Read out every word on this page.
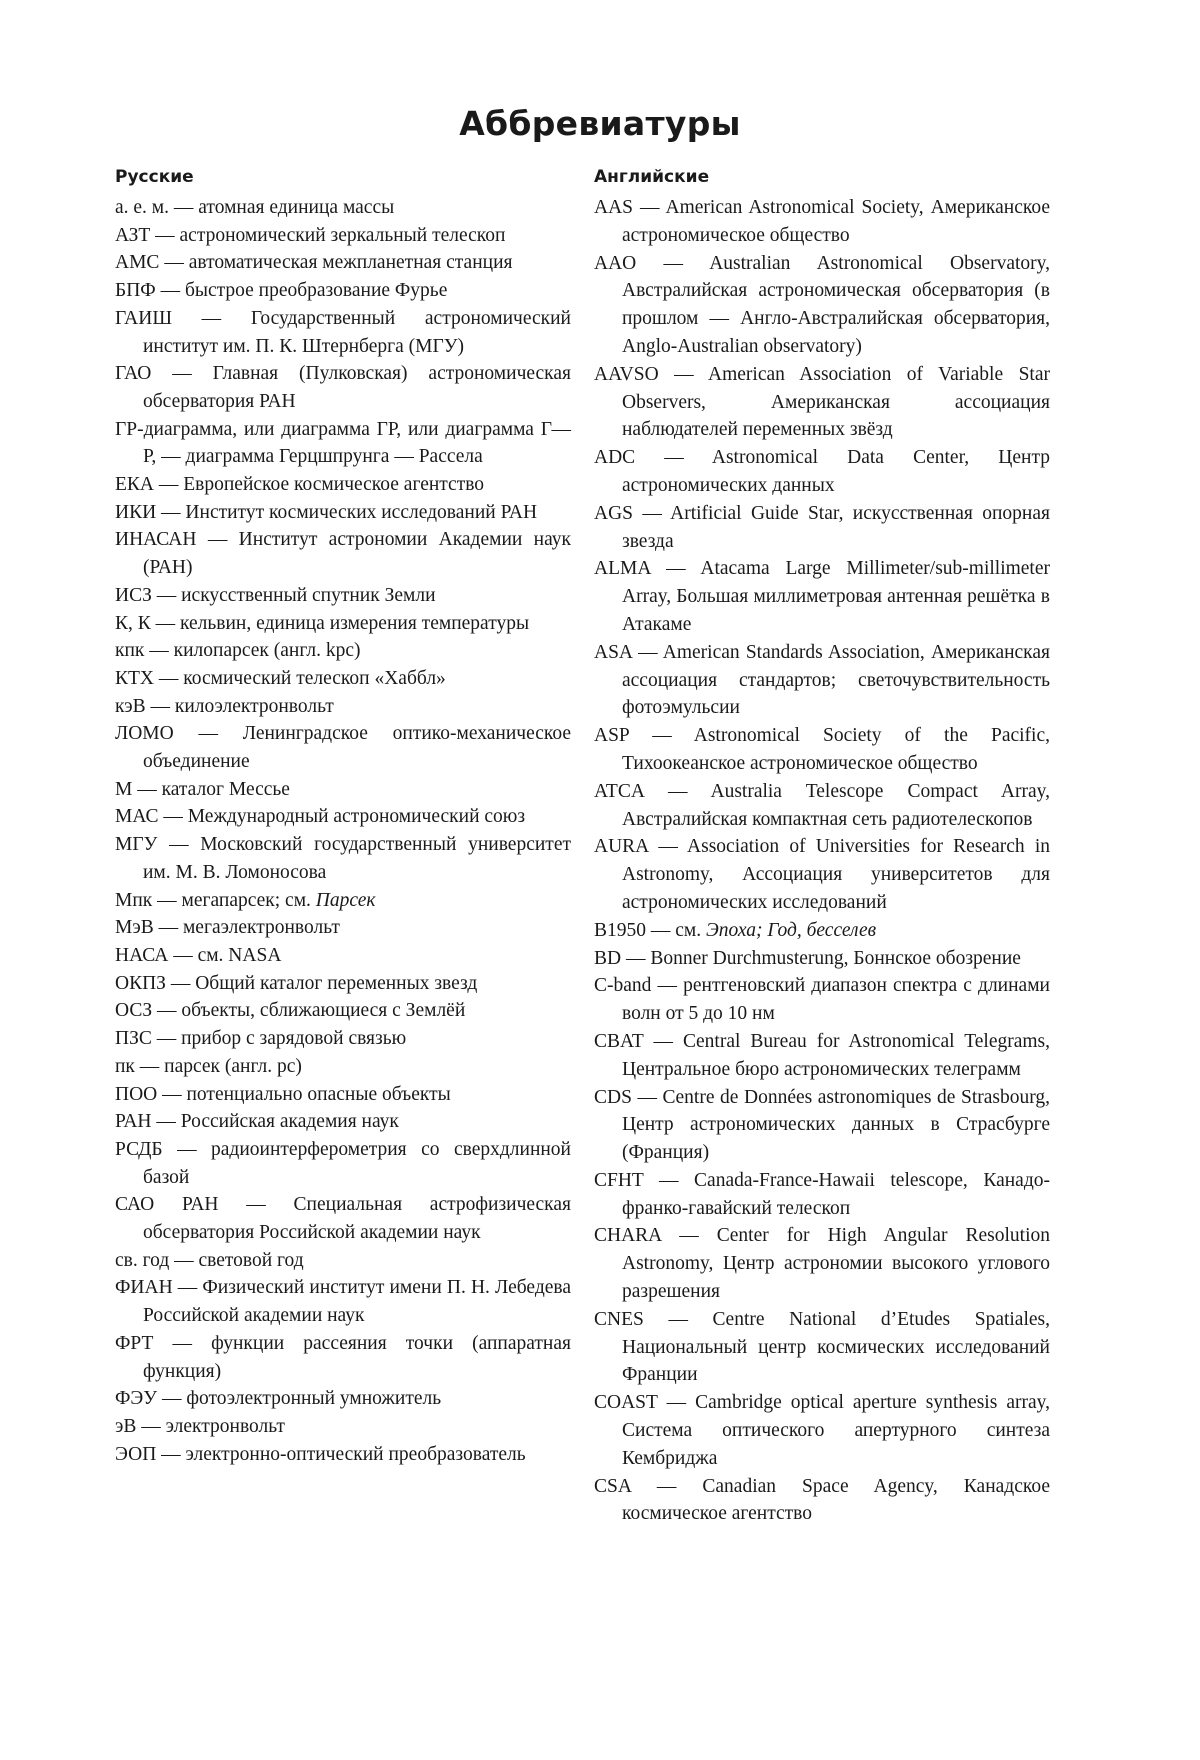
Аббревиатуры
Русские
а. е. м. — атомная единица массы
АЗТ — астрономический зеркальный телескоп
АМС — автоматическая межпланетная станция
БПФ — быстрое преобразование Фурье
ГАИШ — Государственный астрономический институт им. П. К. Штернберга (МГУ)
ГАО — Главная (Пулковская) астрономическая обсерватория РАН
ГР-диаграмма, или диаграмма ГР, или диаграмма Г—Р, — диаграмма Герцшпрунга — Рассела
ЕКА — Европейское космическое агентство
ИКИ — Институт космических исследований РАН
ИНАСАН — Институт астрономии Академии наук (РАН)
ИСЗ — искусственный спутник Земли
К, К — кельвин, единица измерения температуры
кпк — килопарсек (англ. kpc)
КТХ — космический телескоп «Хаббл»
кэВ — килоэлектронвольт
ЛОМО — Ленинградское оптико-механическое объединение
М — каталог Мессье
МАС — Международный астрономический союз
МГУ — Московский государственный университет им. М. В. Ломоносова
Мпк — мегапарсек; см. Парсек
МэВ — мегаэлектронвольт
НАСА — см. NASA
ОКПЗ — Общий каталог переменных звезд
ОСЗ — объекты, сближающиеся с Землёй
ПЗС — прибор с зарядовой связью
пк — парсек (англ. pc)
ПОО — потенциально опасные объекты
РАН — Российская академия наук
РСДБ — радиоинтерферометрия со сверхдлинной базой
САО РАН — Специальная астрофизическая обсерватория Российской академии наук
св. год — световой год
ФИАН — Физический институт имени П. Н. Лебедева Российской академии наук
ФРТ — функции рассеяния точки (аппаратная функция)
ФЭУ — фотоэлектронный умножитель
эВ — электронвольт
ЭОП — электронно-оптический преобразователь
Английские
AAS — American Astronomical Society, Американское астрономическое общество
AAO — Australian Astronomical Observatory, Австралийская астрономическая обсерватория (в прошлом — Англо-Австралийская обсерватория, Anglo-Australian observatory)
AAVSO — American Association of Variable Star Observers, Американская ассоциация наблюдателей переменных звёзд
ADC — Astronomical Data Center, Центр астрономических данных
AGS — Artificial Guide Star, искусственная опорная звезда
ALMA — Atacama Large Millimeter/sub-millimeter Array, Большая миллиметровая антенная решётка в Атакаме
ASA — American Standards Association, Американская ассоциация стандартов; светочувствительность фотоэмульсии
ASP — Astronomical Society of the Pacific, Тихоокеанское астрономическое общество
ATCA — Australia Telescope Compact Array, Австралийская компактная сеть радиотелескопов
AURA — Association of Universities for Research in Astronomy, Ассоциация университетов для астрономических исследований
B1950 — см. Эпоха; Год, бесселев
BD — Bonner Durchmusterung, Боннское обозрение
C-band — рентгеновский диапазон спектра с длинами волн от 5 до 10 нм
CBAT — Central Bureau for Astronomical Telegrams, Центральное бюро астрономических телеграмм
CDS — Centre de Données astronomiques de Strasbourg, Центр астрономических данных в Страсбурге (Франция)
CFHT — Canada-France-Hawaii telescope, Канадо-франко-гавайский телескоп
CHARA — Center for High Angular Resolution Astronomy, Центр астрономии высокого углового разрешения
CNES — Centre National d’Etudes Spatiales, Национальный центр космических исследований Франции
COAST — Cambridge optical aperture synthesis array, Система оптического апертурного синтеза Кембриджа
CSA — Canadian Space Agency, Канадское космическое агентство
